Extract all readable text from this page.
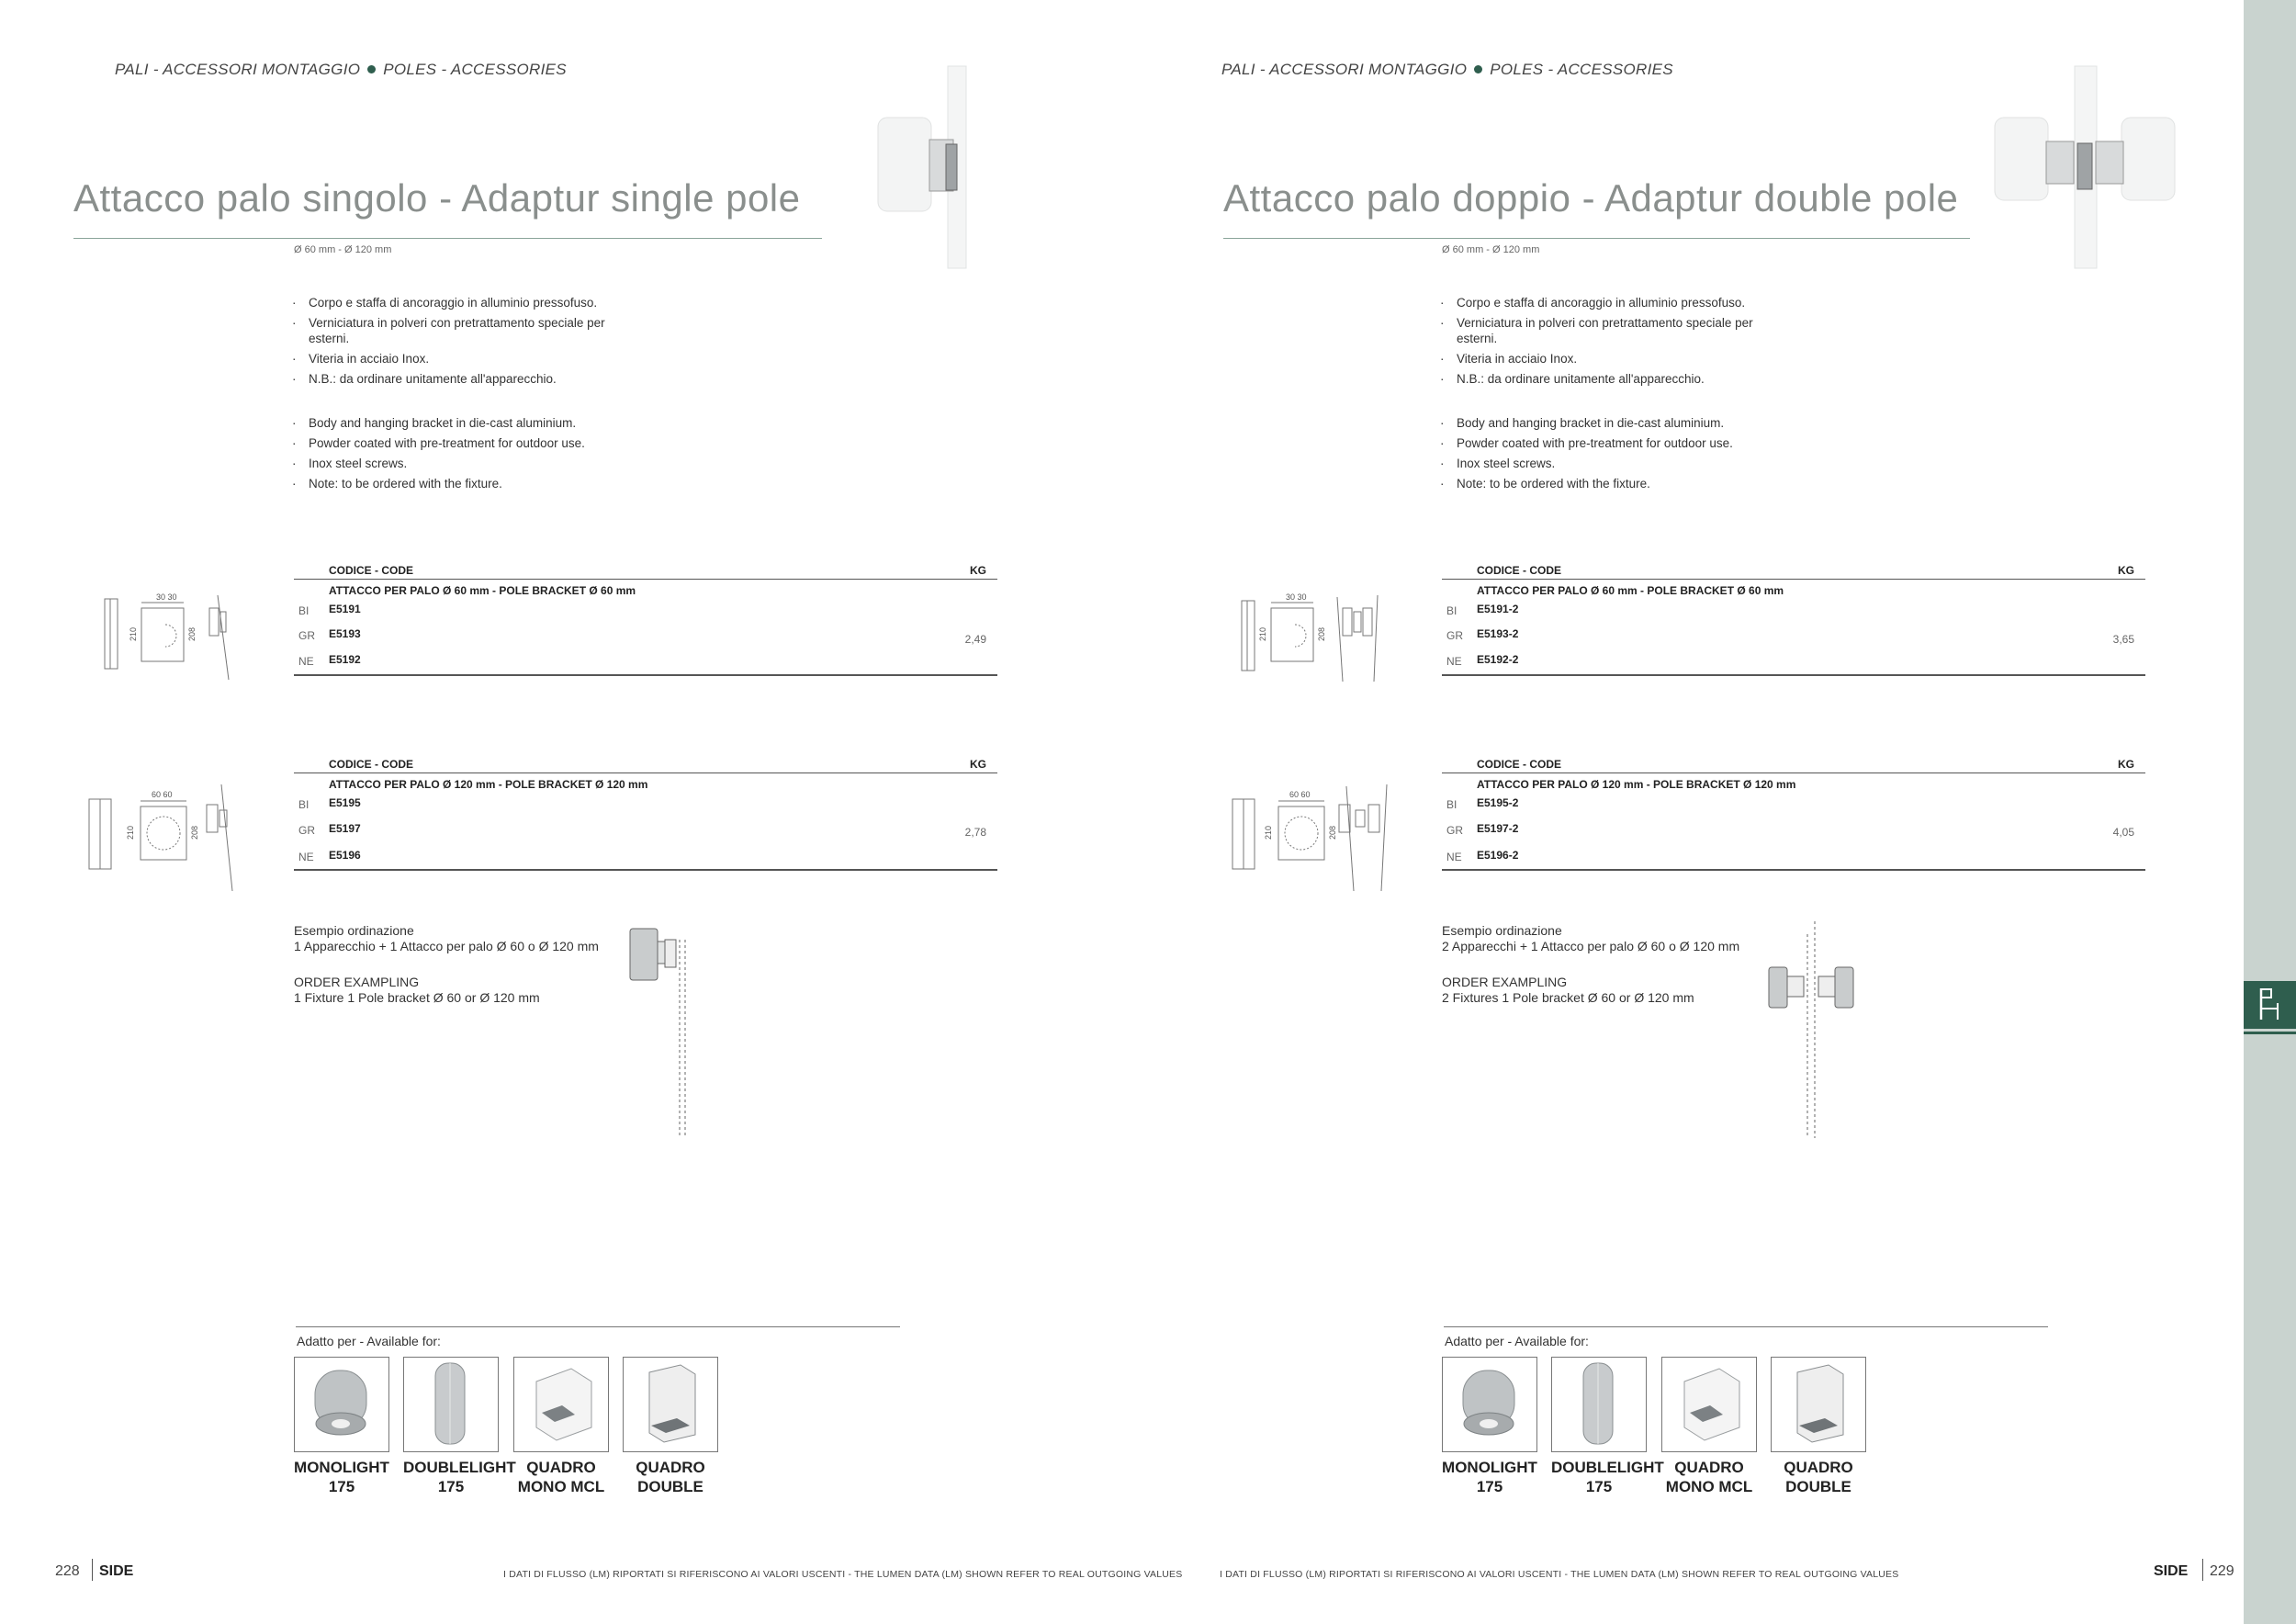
PALI - ACCESSORI MONTAGGIO POLES - ACCESSORIES
Attacco palo singolo - Adaptur single pole
Ø 60 mm - Ø 120 mm
· Corpo e staffa di ancoraggio in alluminio pressofuso.
· Verniciatura in polveri con pretrattamento speciale per esterni.
· Viteria in acciaio Inox.
· N.B.: da ordinare unitamente all'apparecchio.
· Body and hanging bracket in die-cast aluminium.
· Powder coated with pre-treatment for outdoor use.
· Inox steel screws.
· Note: to be ordered with the fixture.
30 30
210	208
CODICE - CODE	KG
ATTACCO PER PALO Ø 60 mm - POLE BRACKET Ø 60 mm
BI E5191
GR E5193
NE E5192
2,49
60 60
210	208
CODICE - CODE	KG
ATTACCO PER PALO Ø 120 mm - POLE BRACKET Ø 120 mm
BI E5195
GR E5197
NE E5196
2,78
Esempio ordinazione
1 Apparecchio + 1 Attacco per palo Ø 60 o Ø 120 mm
ORDER EXAMPLING
1 Fixture 1 Pole bracket Ø 60 or Ø 120 mm
Adatto per - Available for:
MONOLIGHT
175
DOUBLELIGHT
175
QUADRO
MONO MCL
QUADRO
DOUBLE
228 SIDE	I DATI DI FLUSSO (LM) RIPORTATI SI RIFERISCONO AI VALORI USCENTI - THE LUMEN DATA (LM) SHOWN REFER TO REAL OUTGOING VALUES
PALI - ACCESSORI MONTAGGIO POLES - ACCESSORIES
Attacco palo doppio - Adaptur double pole
Ø 60 mm - Ø 120 mm
· Corpo e staffa di ancoraggio in alluminio pressofuso.
· Verniciatura in polveri con pretrattamento speciale per esterni.
· Viteria in acciaio Inox.
· N.B.: da ordinare unitamente all'apparecchio.
· Body and hanging bracket in die-cast aluminium.
· Powder coated with pre-treatment for outdoor use.
· Inox steel screws.
· Note: to be ordered with the fixture.
30 30
210	208
CODICE - CODE	KG
ATTACCO PER PALO Ø 60 mm - POLE BRACKET Ø 60 mm
BI E5191-2
GR E5193-2
NE E5192-2
3,65
60 60
210	208
CODICE - CODE	KG
ATTACCO PER PALO Ø 120 mm - POLE BRACKET Ø 120 mm
BI E5195-2
GR E5197-2
NE E5196-2
4,05
Esempio ordinazione
2 Apparecchi + 1 Attacco per palo Ø 60 o Ø 120 mm
ORDER EXAMPLING
2 Fixtures 1 Pole bracket Ø 60 or Ø 120 mm
Adatto per - Available for:
MONOLIGHT
175
DOUBLELIGHT
175
QUADRO
MONO MCL
QUADRO
DOUBLE
I DATI DI FLUSSO (LM) RIPORTATI SI RIFERISCONO AI VALORI USCENTI - THE LUMEN DATA (LM) SHOWN REFER TO REAL OUTGOING VALUES	SIDE 229
